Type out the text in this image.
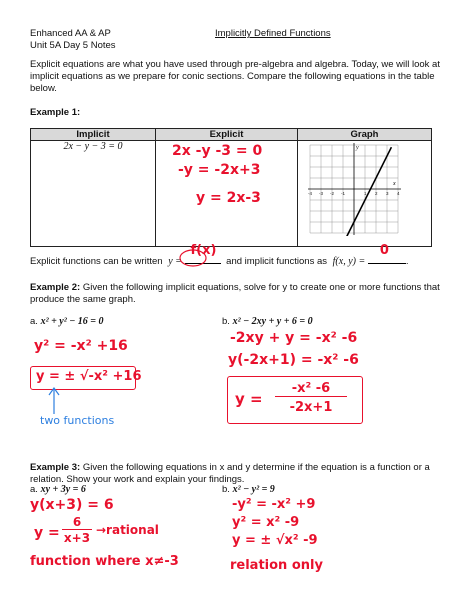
Enhanced AA & AP
Unit 5A Day 5 Notes
Implicitly Defined Functions
Explicit equations are what you have used through pre-algebra and algebra. Today, we will look at implicit equations as we prepare for conic sections. Compare the following equations in the table below.
Example 1:
Implicit	Explicit	Graph
2x − y − 3 = 0			2x -y -3 = 0
-y = -2x+3
y = 2x-3
x
y
-4 -3 -2 -1	1 2 3 4
Explicit functions can be written y =
f(x)
and implicit functions as f(x, y) =
0
.
Example 2: Given the following implicit equations, solve for y to create one or more functions that produce the same graph.
a. x² + y² − 16 = 0
y² = -x² +16
y = ± √-x² +16
two functions
b. x² − 2xy + y + 6 = 0
-2xy + y = -x² -6
y(-2x+1) = -x² -6
y =
-x² -6
-2x+1
Example 3: Given the following equations in x and y determine if the equation is a function or a relation. Show your work and explain your findings.
a. xy + 3y = 6
y(x+3) = 6
y =
6
x+3
→rational
function where x≠-3
b. x² − y² = 9
-y² = -x² +9
y² = x² -9
y = ± √x² -9
relation only
